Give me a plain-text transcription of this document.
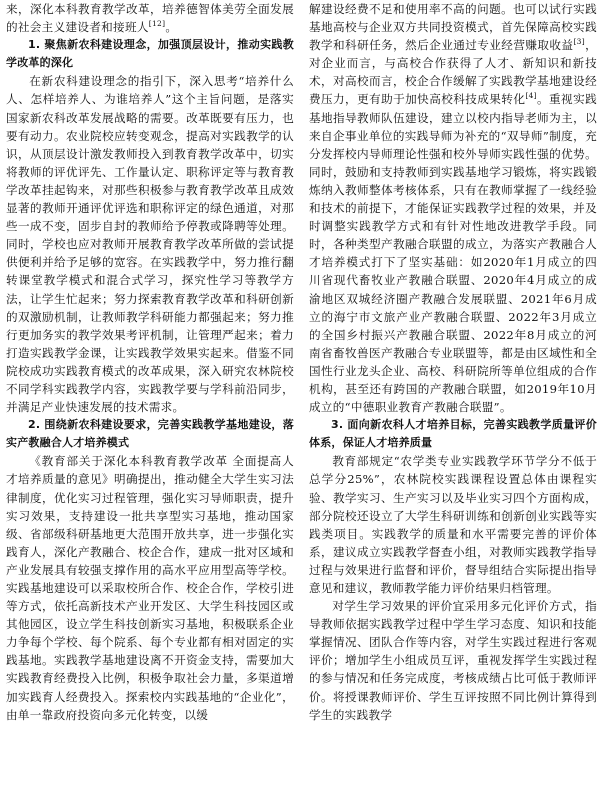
来，深化本科教育教学改革，培养德智体美劳全面发展的社会主义建设者和接班人[12]。

1. 聚焦新农科建设理念，加强顶层设计，推动实践教学改革的深化

在新农科建设理念的指引下，深入思考“培养什么人、怎样培养人、为谁培养人”这个主旨问题，是落实国家新农科改革发展战略的需要。改革既要有压力，也要有动力。农业院校应转变观念，提高对实践教学的认识，从顶层设计激发教师投入到教育教学改革中，切实将教师的评优评先、工作量认定、职称评定等与教育教学改革挂起钩来，对那些积极参与教育教学改革且成效显著的教师开通评优评选和职称评定的绿色通道，对那些一成不变，固步自封的教师给予停教或降聘等处理。同时，学校也应对教师开展教育教学改革所做的尝试提供便利并给予足够的宽容。在实践教学中，努力推行翻转课堂教学模式和混合式学习，探究性学习等教学方法，让学生忙起来；努力探索教育教学改革和科研创新的双激励机制，让教师教学科研能力都强起来；努力推行更加务实的教学效果考评机制，让管理严起来；着力打造实践教学金课，让实践教学效果实起来。借鉴不同院校成功实践教育模式的改革成果，深入研究农林院校不同学科实践教学内容，实践教学要与学科前沿同步，并满足产业快速发展的技术需求。

2. 围绕新农科建设要求，完善实践教学基地建设，落实产教融合人才培养模式

《教育部关于深化本科教育教学改革 全面提高人才培养质量的意见》明确提出，推动健全大学生实习法律制度，优化实习过程管理，强化实习导师职责，提升实习效果，支持建设一批共享型实习基地，推动国家级、省部级科研基地更大范围开放共享，进一步强化实践育人，深化产教融合、校企合作，建成一批对区域和产业发展具有较强支撑作用的高水平应用型高等学校。实践基地建设可以采取校所合作、校企合作，学校引进等方式，依托高新技术产业开发区、大学生科技园区或其他园区，设立学生科技创新实习基地，积极联系企业力争每个学校、每个院系、每个专业都有相对固定的实践基地。实践教学基地建设离不开资金支持，需要加大实践教育经费投入比例，积极争取社会力量，多渠道增加实践育人经费投入。探索校内实践基地的“企业化”，由单一靠政府投资向多元化转变，以缓

解建设经费不足和使用率不高的问题。也可以试行实践基地高校与企业双方共同投资模式，首先保障高校实践教学和科研任务，然后企业通过专业经营赚取收益[3]，对企业而言，与高校合作获得了人才、新知识和新技术，对高校而言，校企合作缓解了实践教学基地建设经费压力，更有助于加快高校科技成果转化[4]。重视实践基地指导教师队伍建设，建立以校内指导老师为主，以来自企事业单位的实践导师为补充的“双导师”制度，充分发挥校内导师理论性强和校外导师实践性强的优势。同时，鼓励和支持教师到实践基地学习锻炼，将实践锻炼纳入教师整体考核体系，只有在教师掌握了一线经验和技术的前提下，才能保证实践教学过程的效果，并及时调整实践教学方式和有针对性地改进教学手段。同时，各种类型产教融合联盟的成立，为落实产教融合人才培养模式打下了坚实基础：如2020年1月成立的四川省现代畜牧业产教融合联盟、2020年4月成立的成渝地区双城经济圈产教融合发展联盟、2021年6月成立的海宁市文旅产业产教融合联盟、2022年3月成立的全国乡村振兴产教融合联盟、2022年8月成立的河南省畜牧兽医产教融合专业联盟等，都是由区域性和全国性行业龙头企业、高校、科研院所等单位组成的合作机构，甚至还有跨国的产教融合联盟，如2019年10月成立的“中德职业教育产教融合联盟”。

3. 面向新农科人才培养目标，完善实践教学质量评价体系，保证人才培养质量

教育部规定“农学类专业实践教学环节学分不低于总学分25%”，农林院校实践课程设置总体由课程实验、教学实习、生产实习以及毕业实习四个方面构成，部分院校还设立了大学生科研训练和创新创业实践等实践类项目。实践教学的质量和水平需要完善的评价体系，建议成立实践教学督查小组，对教师实践教学指导过程与效果进行监督和评价，督导组结合实际提出指导意见和建议，教师教学能力评价结果归档管理。

对学生学习效果的评价宜采用多元化评价方式，指导教师依据实践教学过程中学生学习态度、知识和技能掌握情况、团队合作等内容，对学生实践过程进行客观评价；增加学生小组成员互评，重视发挥学生实践过程的参与情况和任务完成度，考核成绩占比可低于教师评价。将授课教师评价、学生互评按照不同比例计算得到学生的实践教学
